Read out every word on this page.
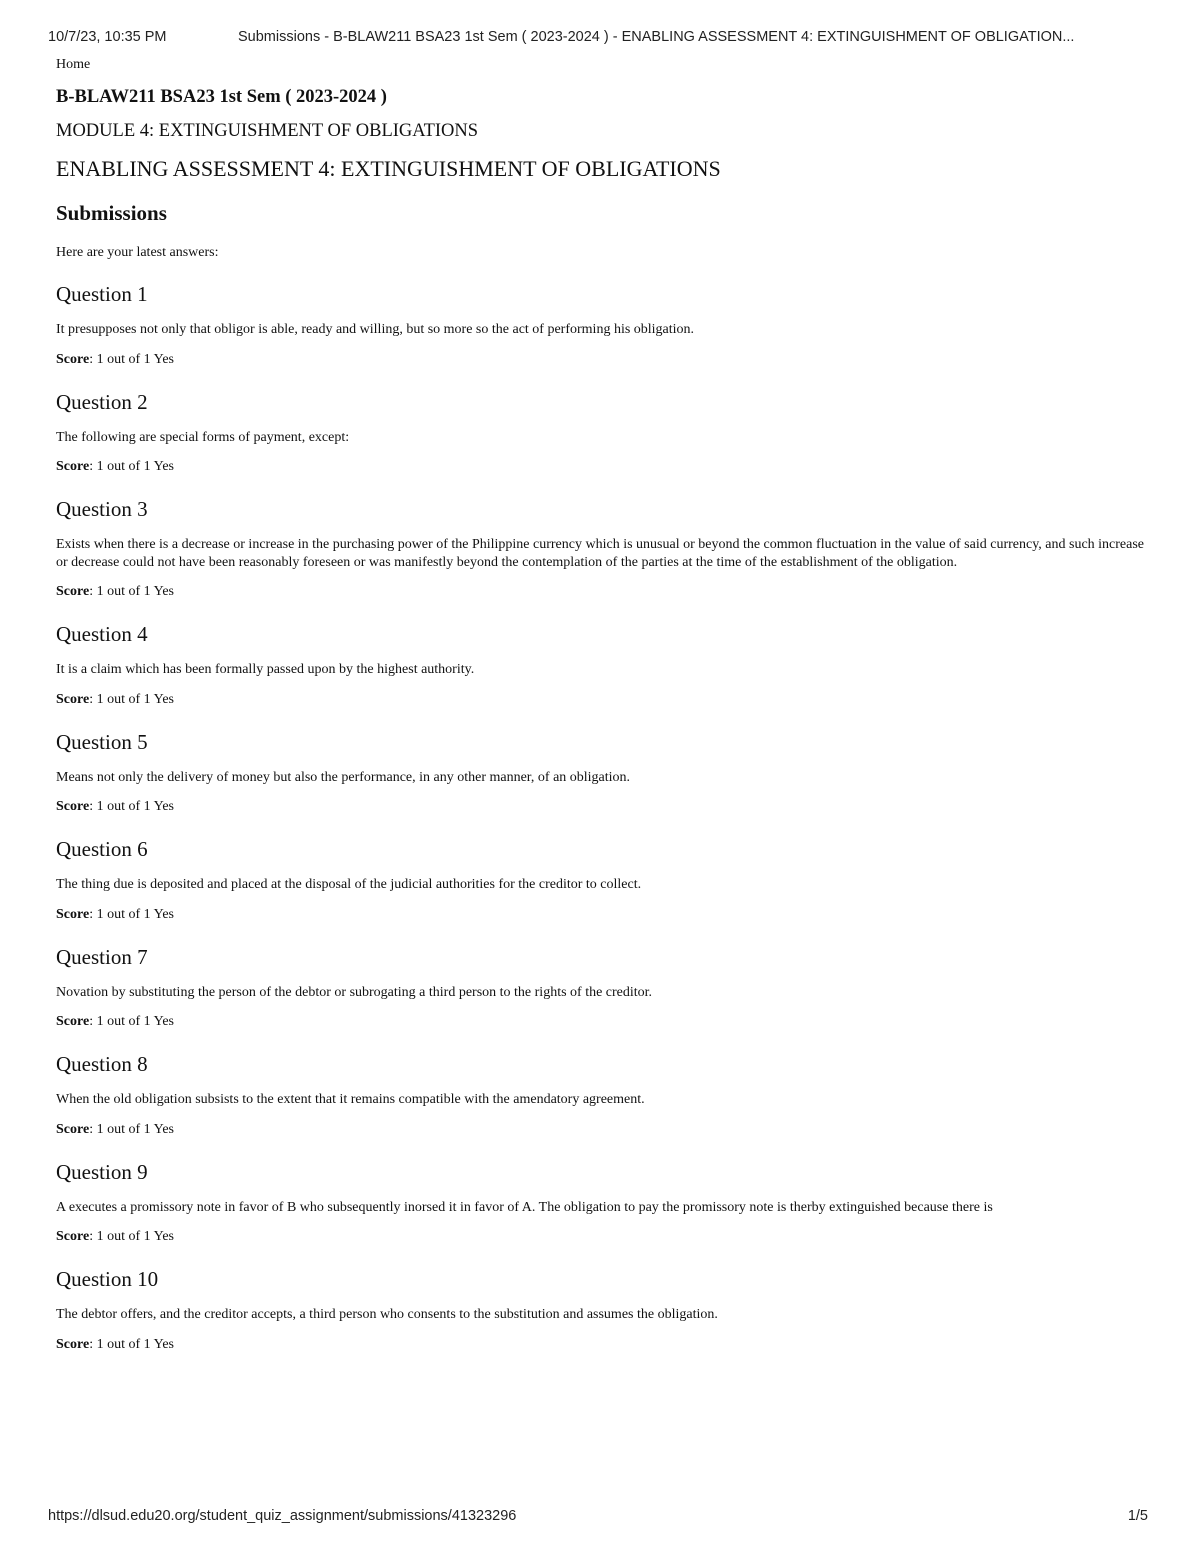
10/7/23, 10:35 PM	Submissions - B-BLAW211 BSA23 1st Sem ( 2023-2024 ) - ENABLING ASSESSMENT 4: EXTINGUISHMENT OF OBLIGATION...
Home
B-BLAW211 BSA23 1st Sem ( 2023-2024 )
MODULE 4: EXTINGUISHMENT OF OBLIGATIONS
ENABLING ASSESSMENT 4: EXTINGUISHMENT OF OBLIGATIONS
Submissions

Here are your latest answers:

Question 1

It presupposes not only that obligor is able, ready and willing, but so more so the act of performing his obligation.

Score: 1 out of 1 Yes

Question 2

The following are special forms of payment, except:

Score: 1 out of 1 Yes

Question 3

Exists when there is a decrease or increase in the purchasing power of the Philippine currency which is unusual or beyond the common fluctuation in the value of said currency, and such increase or decrease could not have been reasonably foreseen or was manifestly beyond the contemplation of the parties at the time of the establishment of the obligation.

Score: 1 out of 1 Yes

Question 4

It is a claim which has been formally passed upon by the highest authority.

Score: 1 out of 1 Yes

Question 5

Means not only the delivery of money but also the performance, in any other manner, of an obligation.

Score: 1 out of 1 Yes

Question 6

The thing due is deposited and placed at the disposal of the judicial authorities for the creditor to collect.

Score: 1 out of 1 Yes

Question 7

Novation by substituting the person of the debtor or subrogating a third person to the rights of the creditor.

Score: 1 out of 1 Yes

Question 8

When the old obligation subsists to the extent that it remains compatible with the amendatory agreement.

Score: 1 out of 1 Yes

Question 9

A executes a promissory note in favor of B who subsequently inorsed it in favor of A. The obligation to pay the promissory note is therby extinguished because there is

Score: 1 out of 1 Yes

Question 10

The debtor offers, and the creditor accepts, a third person who consents to the substitution and assumes the obligation.

Score: 1 out of 1 Yes

https://dlsud.edu20.org/student_quiz_assignment/submissions/41323296	1/5
